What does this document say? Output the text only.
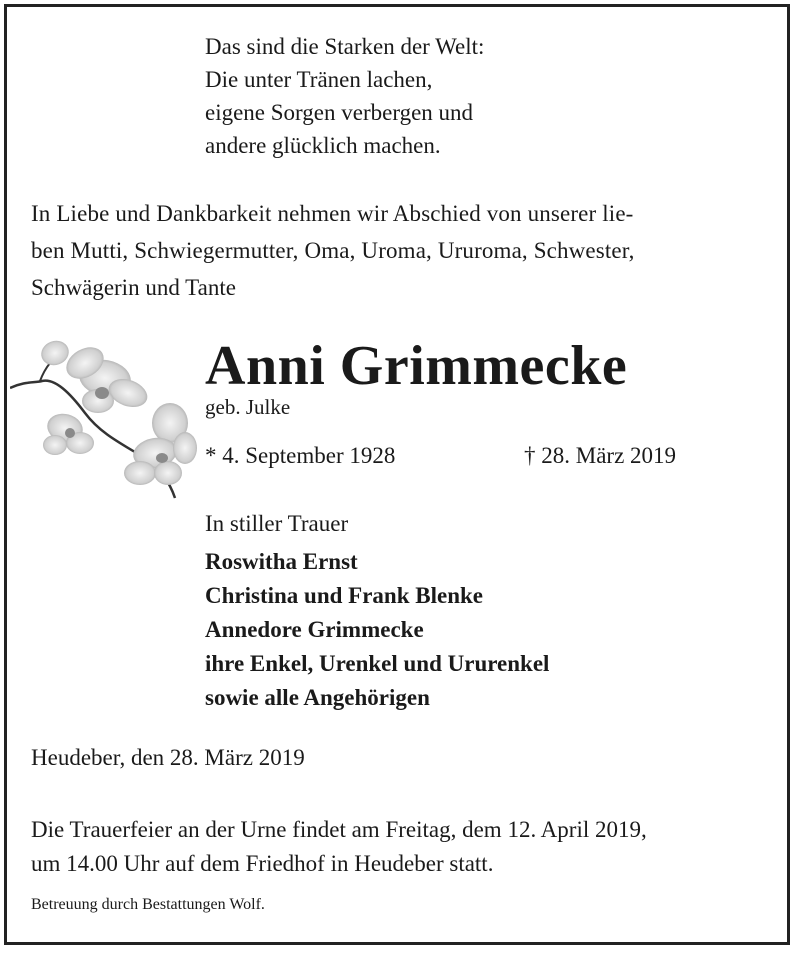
Das sind die Starken der Welt:
Die unter Tränen lachen,
eigene Sorgen verbergen und
andere glücklich machen.
In Liebe und Dankbarkeit nehmen wir Abschied von unserer lie-
ben Mutti, Schwiegermutter, Oma, Uroma, Ururoma, Schwester,
Schwägerin und Tante
Anni Grimmecke
geb. Julke
* 4. September 1928	† 28. März 2019
In stiller Trauer
Roswitha Ernst
Christina und Frank Blenke
Annedore Grimmecke
ihre Enkel, Urenkel und Ururenkel
sowie alle Angehörigen
Heudeber, den 28. März 2019
Die Trauerfeier an der Urne findet am Freitag, dem 12. April 2019,
um 14.00 Uhr auf dem Friedhof in Heudeber statt.
Betreuung durch Bestattungen Wolf.
